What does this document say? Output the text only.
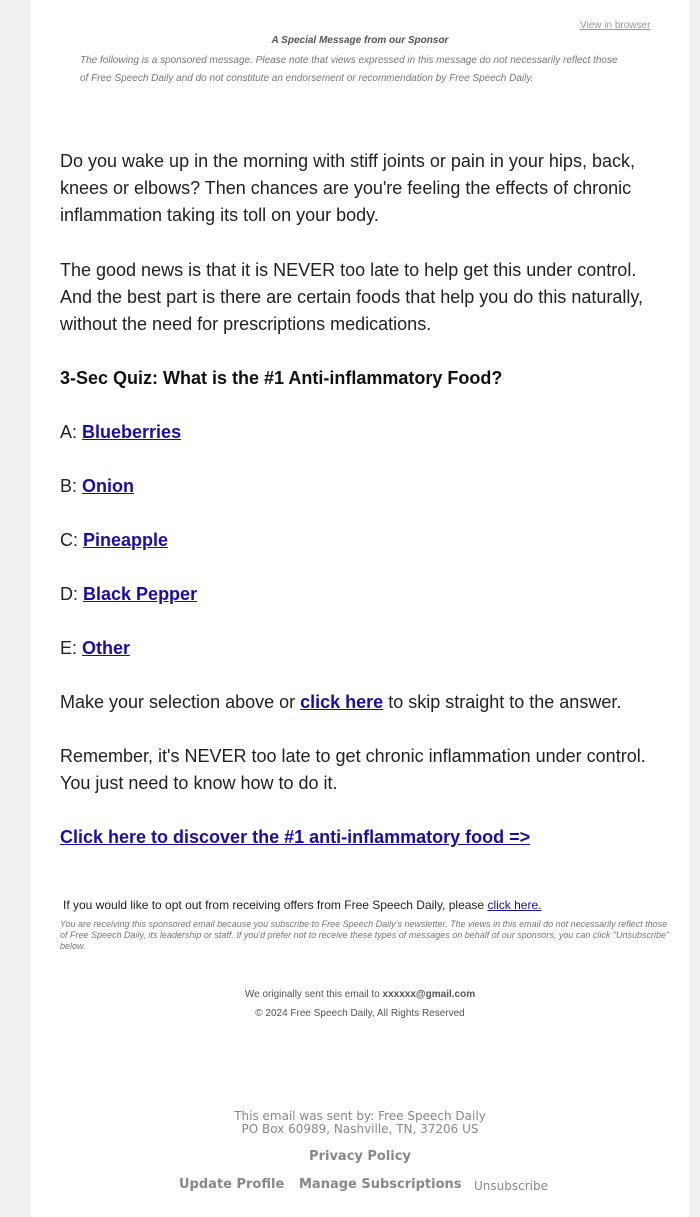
View in browser
A Special Message from our Sponsor
The following is a sponsored message. Please note that views expressed in this message do not necessarily reflect those of Free Speech Daily and do not constitute an endorsement or recommendation by Free Speech Daily.
Do you wake up in the morning with stiff joints or pain in your hips, back, knees or elbows? Then chances are you're feeling the effects of chronic inflammation taking its toll on your body.
The good news is that it is NEVER too late to help get this under control. And the best part is there are certain foods that help you do this naturally, without the need for prescriptions medications.
3-Sec Quiz: What is the #1 Anti-inflammatory Food?
A: Blueberries
B: Onion
C: Pineapple
D: Black Pepper
E: Other
Make your selection above or click here to skip straight to the answer.
Remember, it's NEVER too late to get chronic inflammation under control. You just need to know how to do it.
Click here to discover the #1 anti-inflammatory food =>
If you would like to opt out from receiving offers from Free Speech Daily, please click here.
You are receiving this sponsored email because you subscribe to Free Speech Daily's newsletter. The views in this email do not necessarily reflect those of Free Speech Daily, its leadership or staff. If you'd prefer not to receive these types of messages on behalf of our sponsors, you can click "Unsubscribe" below.
We originally sent this email to xxxxxx@gmail.com
© 2024 Free Speech Daily, All Rights Reserved
This email was sent by: Free Speech Daily
PO Box 60989, Nashville, TN, 37206 US
Privacy Policy
Update Profile Manage Subscriptions Unsubscribe
